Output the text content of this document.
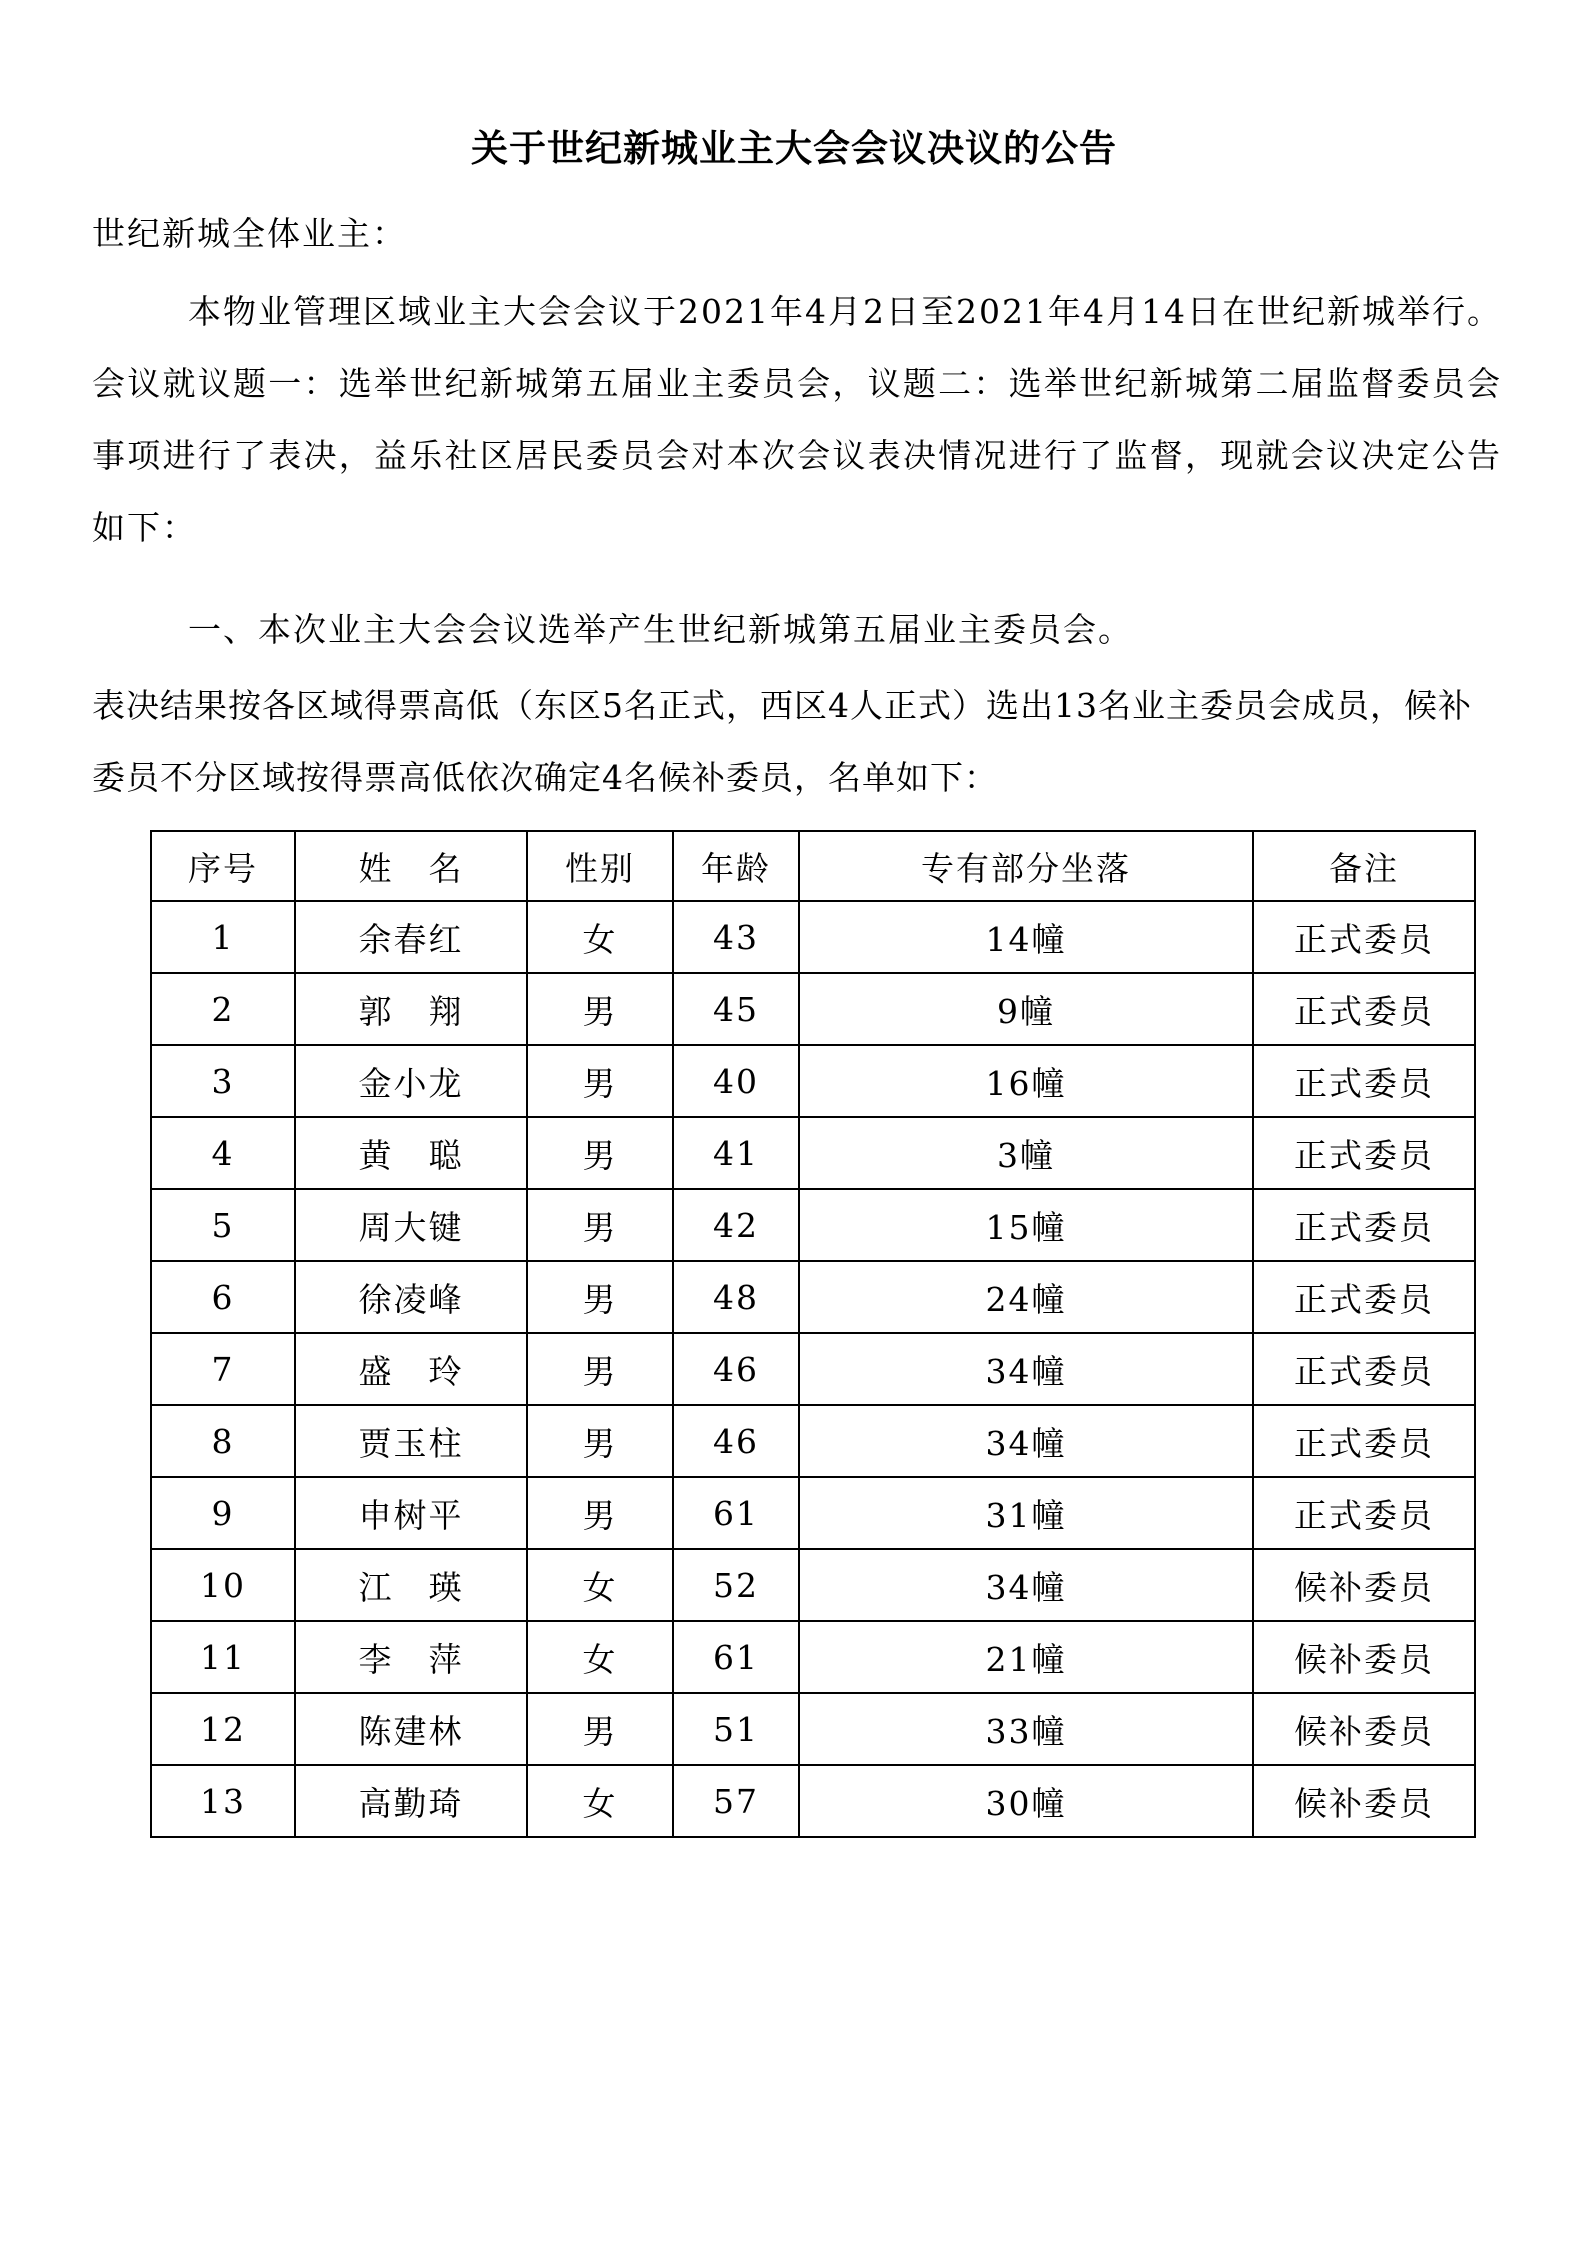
关于世纪新城业主大会会议决议的公告
世纪新城全体业主：

本物业管理区域业主大会会议于2021年4月2日至2021年4月14日在世纪新城举行。会议就议题一：选举世纪新城第五届业主委员会，议题二：选举世纪新城第二届监督委员会事项进行了表决，益乐社区居民委员会对本次会议表决情况进行了监督，现就会议决定公告如下：

一、本次业主大会会议选举产生世纪新城第五届业主委员会。

表决结果按各区域得票高低（东区5名正式，西区4人正式）选出13名业主委员会成员，候补委员不分区域按得票高低依次确定4名候补委员，名单如下：

序号	姓　名	性别	年龄	专有部分坐落	备注
1	余春红	女	43	14幢	正式委员
2	郭　翔	男	45	9幢	正式委员
3	金小龙	男	40	16幢	正式委员
4	黄　聪	男	41	3幢	正式委员
5	周大键	男	42	15幢	正式委员
6	徐凌峰	男	48	24幢	正式委员
7	盛　玲	男	46	34幢	正式委员
8	贾玉柱	男	46	34幢	正式委员
9	申树平	男	61	31幢	正式委员
10	江　瑛	女	52	34幢	候补委员
11	李　萍	女	61	21幢	候补委员
12	陈建林	男	51	33幢	候补委员
13	高勤琦	女	57	30幢	候补委员
